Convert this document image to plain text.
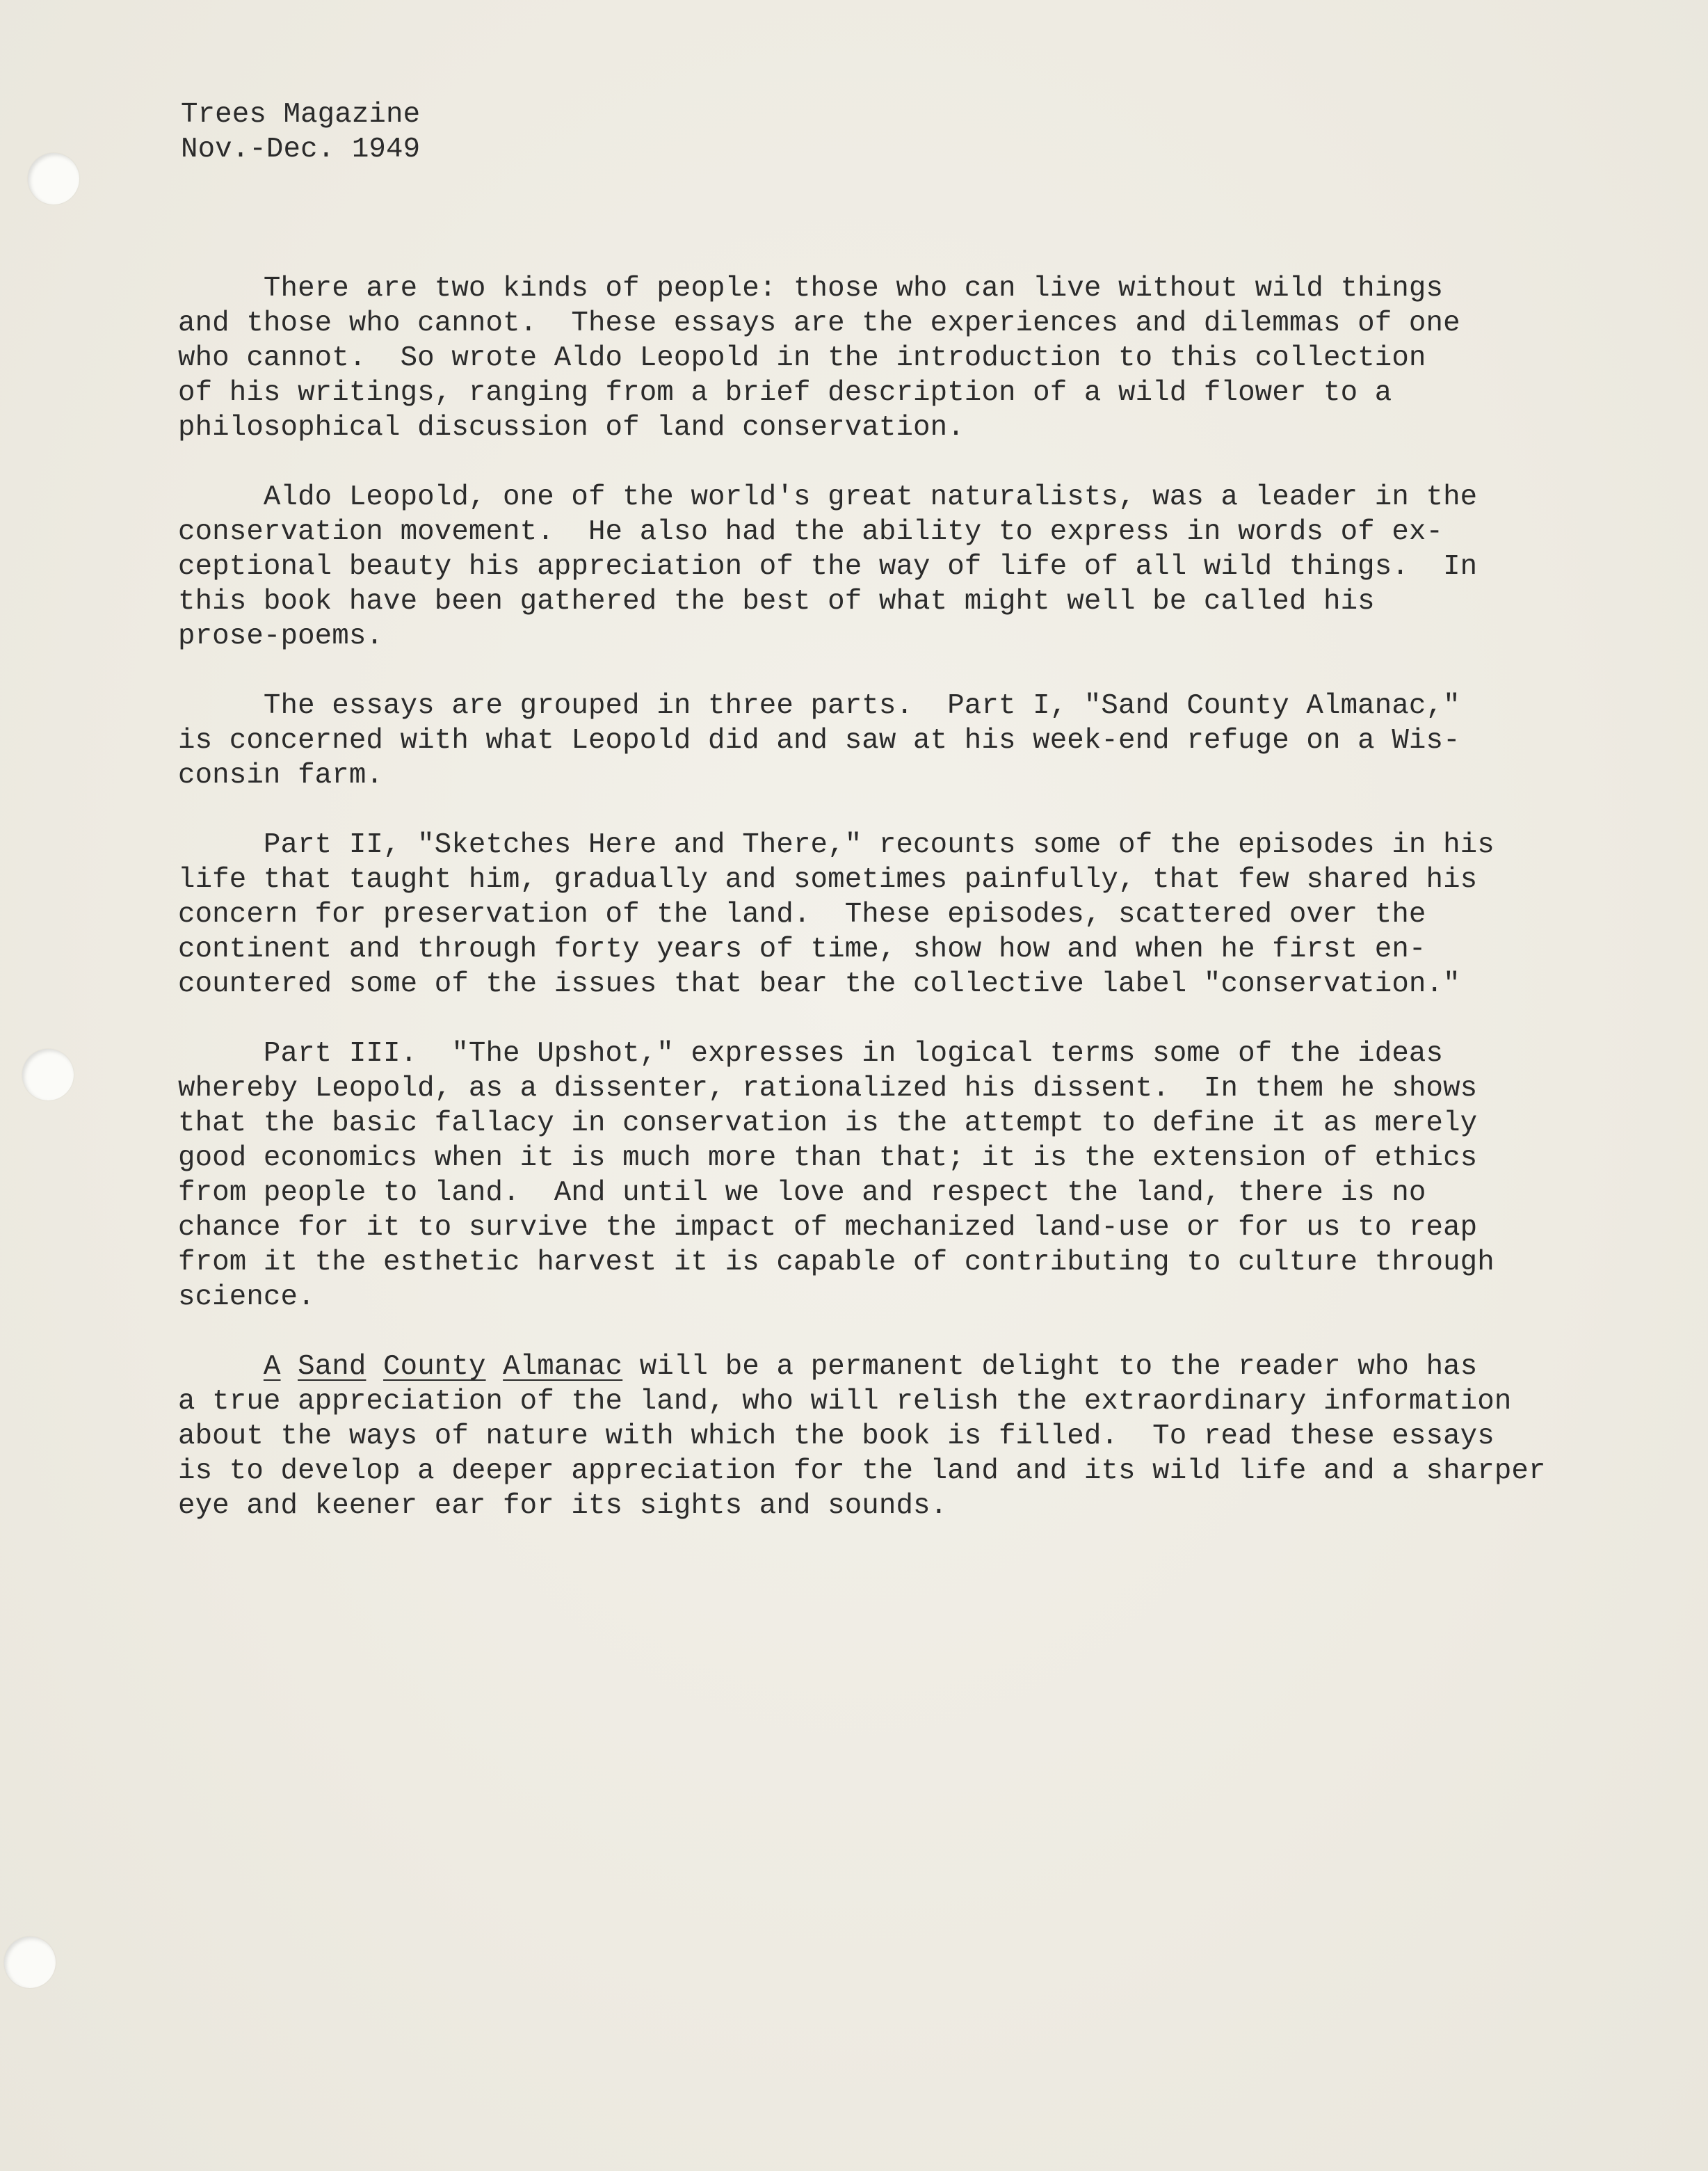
Trees Magazine
Nov.-Dec. 1949
There are two kinds of people: those who can live without wild things
and those who cannot.  These essays are the experiences and dilemmas of one
who cannot.  So wrote Aldo Leopold in the introduction to this collection
of his writings, ranging from a brief description of a wild flower to a
philosophical discussion of land conservation.
Aldo Leopold, one of the world's great naturalists, was a leader in the
conservation movement.  He also had the ability to express in words of ex-
ceptional beauty his appreciation of the way of life of all wild things.  In
this book have been gathered the best of what might well be called his
prose-poems.
The essays are grouped in three parts.  Part I, "Sand County Almanac,"
is concerned with what Leopold did and saw at his week-end refuge on a Wis-
consin farm.
Part II, "Sketches Here and There," recounts some of the episodes in his
life that taught him, gradually and sometimes painfully, that few shared his
concern for preservation of the land.  These episodes, scattered over the
continent and through forty years of time, show how and when he first en-
countered some of the issues that bear the collective label "conservation."
Part III.  "The Upshot," expresses in logical terms some of the ideas
whereby Leopold, as a dissenter, rationalized his dissent.  In them he shows
that the basic fallacy in conservation is the attempt to define it as merely
good economics when it is much more than that; it is the extension of ethics
from people to land.  And until we love and respect the land, there is no
chance for it to survive the impact of mechanized land-use or for us to reap
from it the esthetic harvest it is capable of contributing to culture through
science.
A Sand County Almanac will be a permanent delight to the reader who has
a true appreciation of the land, who will relish the extraordinary information
about the ways of nature with which the book is filled.  To read these essays
is to develop a deeper appreciation for the land and its wild life and a sharper
eye and keener ear for its sights and sounds.
